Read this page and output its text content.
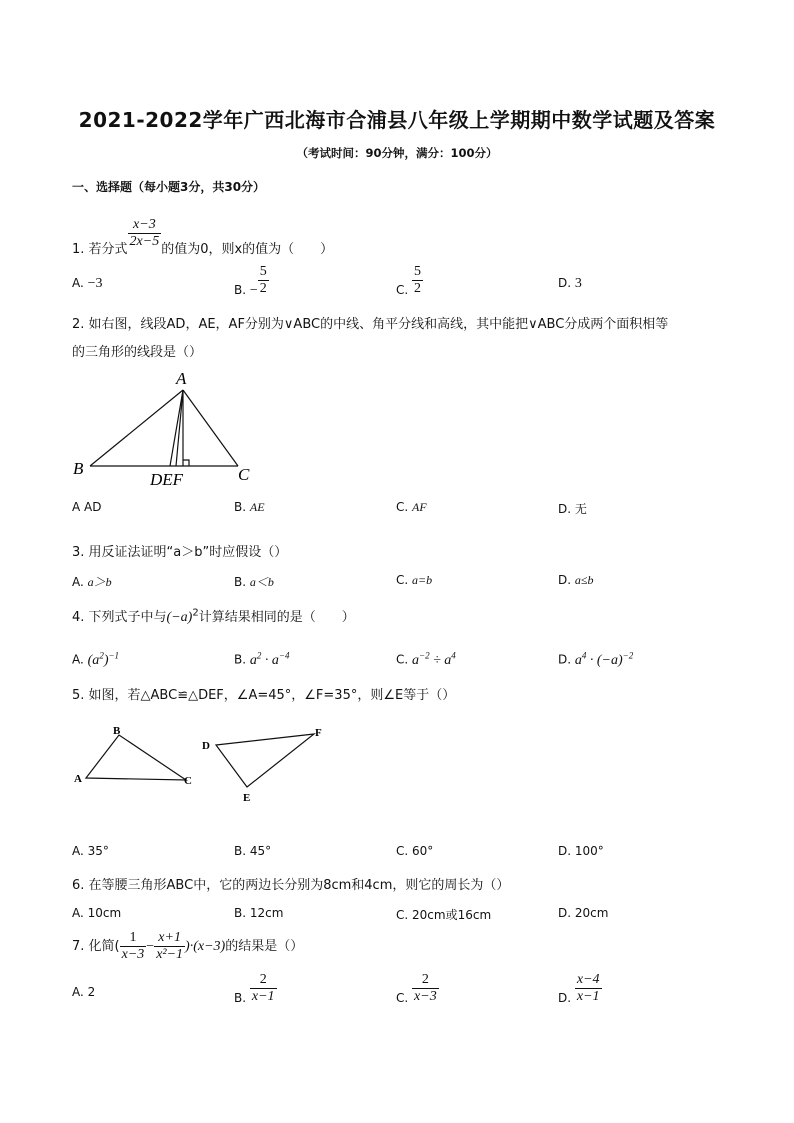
2021-2022学年广西北海市合浦县八年级上学期期中数学试题及答案
（考试时间：90分钟，满分：100分）
一、选择题（每小题3分，共30分）
1. 若分式 $\frac{x-3}{2x-5}$ 的值为0，则x的值为（　　）
A. −3	B. − $\frac{5}{2}$	C. $\frac{5}{2}$	D. 3
2. 如右图，线段AD，AE，AF分别为∨ABC的中线、角平分线和高线，其中能把∨ABC分成两个面积相等
的三角形的线段是（）
A
B	C
DEF
A AD	B. AE	C. AF	D. 无
3. 用反证法证明“a＞b”时应假设（）
A. a＞b	B. a＜b	C. a=b	D. a≤b
4. 下列式子中与$(-a)^2$计算结果相同的是（　　）
A. $(a^2)^{-1}$	B. $a^2 \cdot a^{-4}$	C. $a^{-2} \div a^4$	D. $a^4 \cdot (-a)^{-2}$
5. 如图，若△ABC≌△DEF，∠A=45°，∠F=35°，则∠E等于（）
A
B
C
D
E
F
A. 35°	B. 45°	C. 60°	D. 100°
6. 在等腰三角形ABC中，它的两边长分别为8cm和4cm，则它的周长为（）
A. 10cm	B. 12cm	C. 20cm或16cm	D. 20cm
7. 化简( $\frac{1}{x-3} - \frac{x+1}{\text{x²−1}} )\cdot(x-3)$的结果是（）
A. 2	B. $\frac{2}{x-1}$	C. $\frac{2}{x-3}$	D. $\frac{x-4}{x-1}$
